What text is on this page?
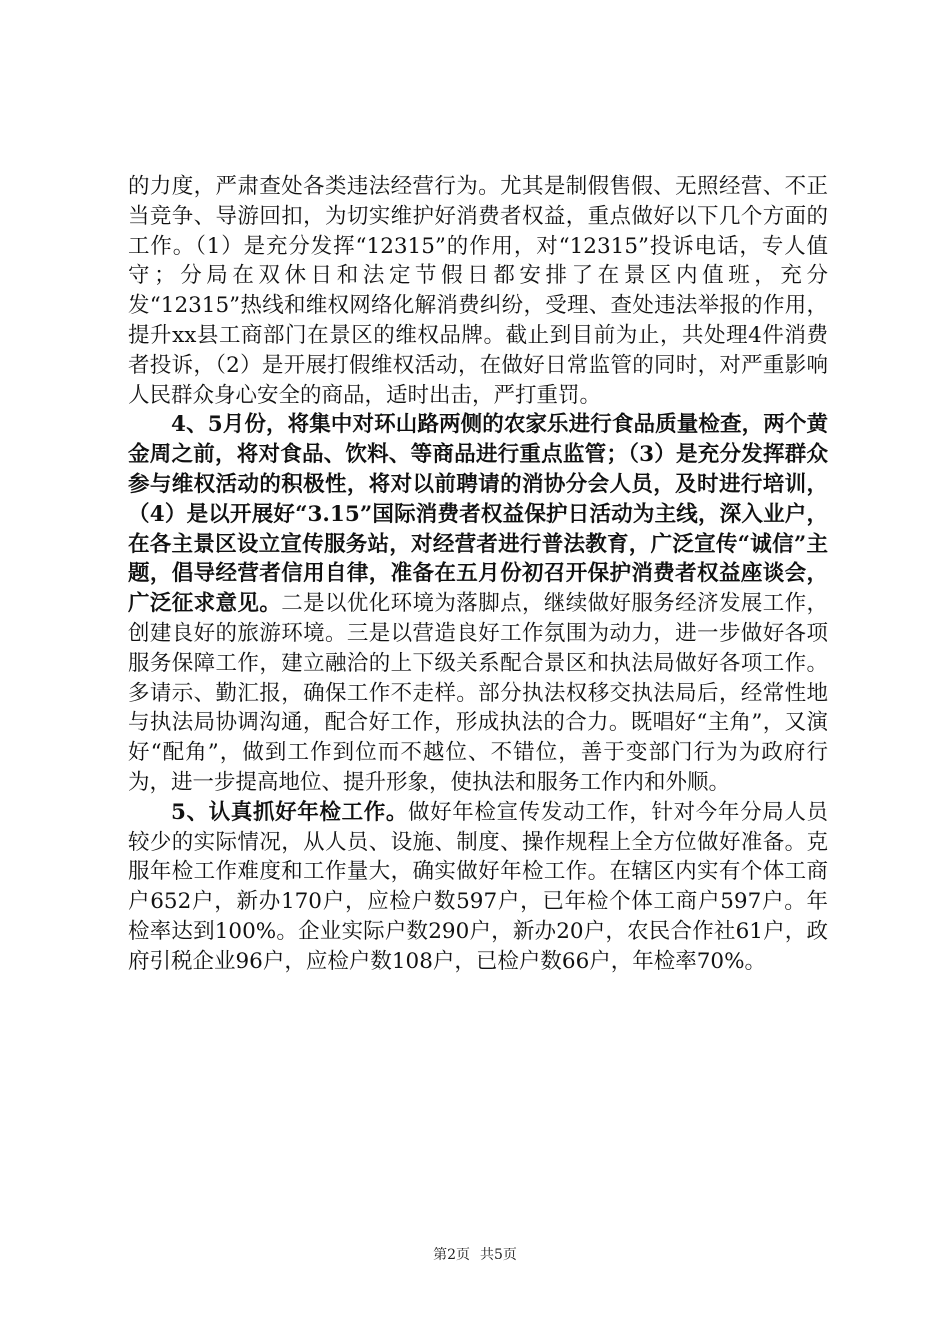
的力度，严肃查处各类违法经营行为。尤其是制假售假、无照经营、不正当竞争、导游回扣，为切实维护好消费者权益，重点做好以下几个方面的工作。（1）是充分发挥“12315”的作用，对“12315”投诉电话，专人值守；分局在双休日和法定节假日都安排了在景区内值班，充分发“12315”热线和维权网络化解消费纠纷，受理、查处违法举报的作用，提升xx县工商部门在景区的维权品牌。截止到目前为止，共处理4件消费者投诉，（2）是开展打假维权活动，在做好日常监管的同时，对严重影响人民群众身心安全的商品，适时出击，严打重罚。

4、5月份，将集中对环山路两侧的农家乐进行食品质量检查，两个黄金周之前，将对食品、饮料、等商品进行重点监管；（3）是充分发挥群众参与维权活动的积极性，将对以前聘请的消协分会人员，及时进行培训，（4）是以开展好“3.15”国际消费者权益保护日活动为主线，深入业户，在各主景区设立宣传服务站，对经营者进行普法教育，广泛宣传“诚信”主题，倡导经营者信用自律，准备在五月份初召开保护消费者权益座谈会，广泛征求意见。二是以优化环境为落脚点，继续做好服务经济发展工作，创建良好的旅游环境。三是以营造良好工作氛围为动力，进一步做好各项服务保障工作，建立融洽的上下级关系配合景区和执法局做好各项工作。多请示、勤汇报，确保工作不走样。部分执法权移交执法局后，经常性地与执法局协调沟通，配合好工作，形成执法的合力。既唱好“主角”，又演好“配角”，做到工作到位而不越位、不错位，善于变部门行为为政府行为，进一步提高地位、提升形象，使执法和服务工作内和外顺。

5、认真抓好年检工作。做好年检宣传发动工作，针对今年分局人员较少的实际情况，从人员、设施、制度、操作规程上全方位做好准备。克服年检工作难度和工作量大，确实做好年检工作。在辖区内实有个体工商户652户，新办170户，应检户数597户，已年检个体工商户597户。年检率达到100%。企业实际户数290户，新办20户，农民合作社61户，政府引税企业96户，应检户数108户，已检户数66户，年检率70%。

第2页 共5页
